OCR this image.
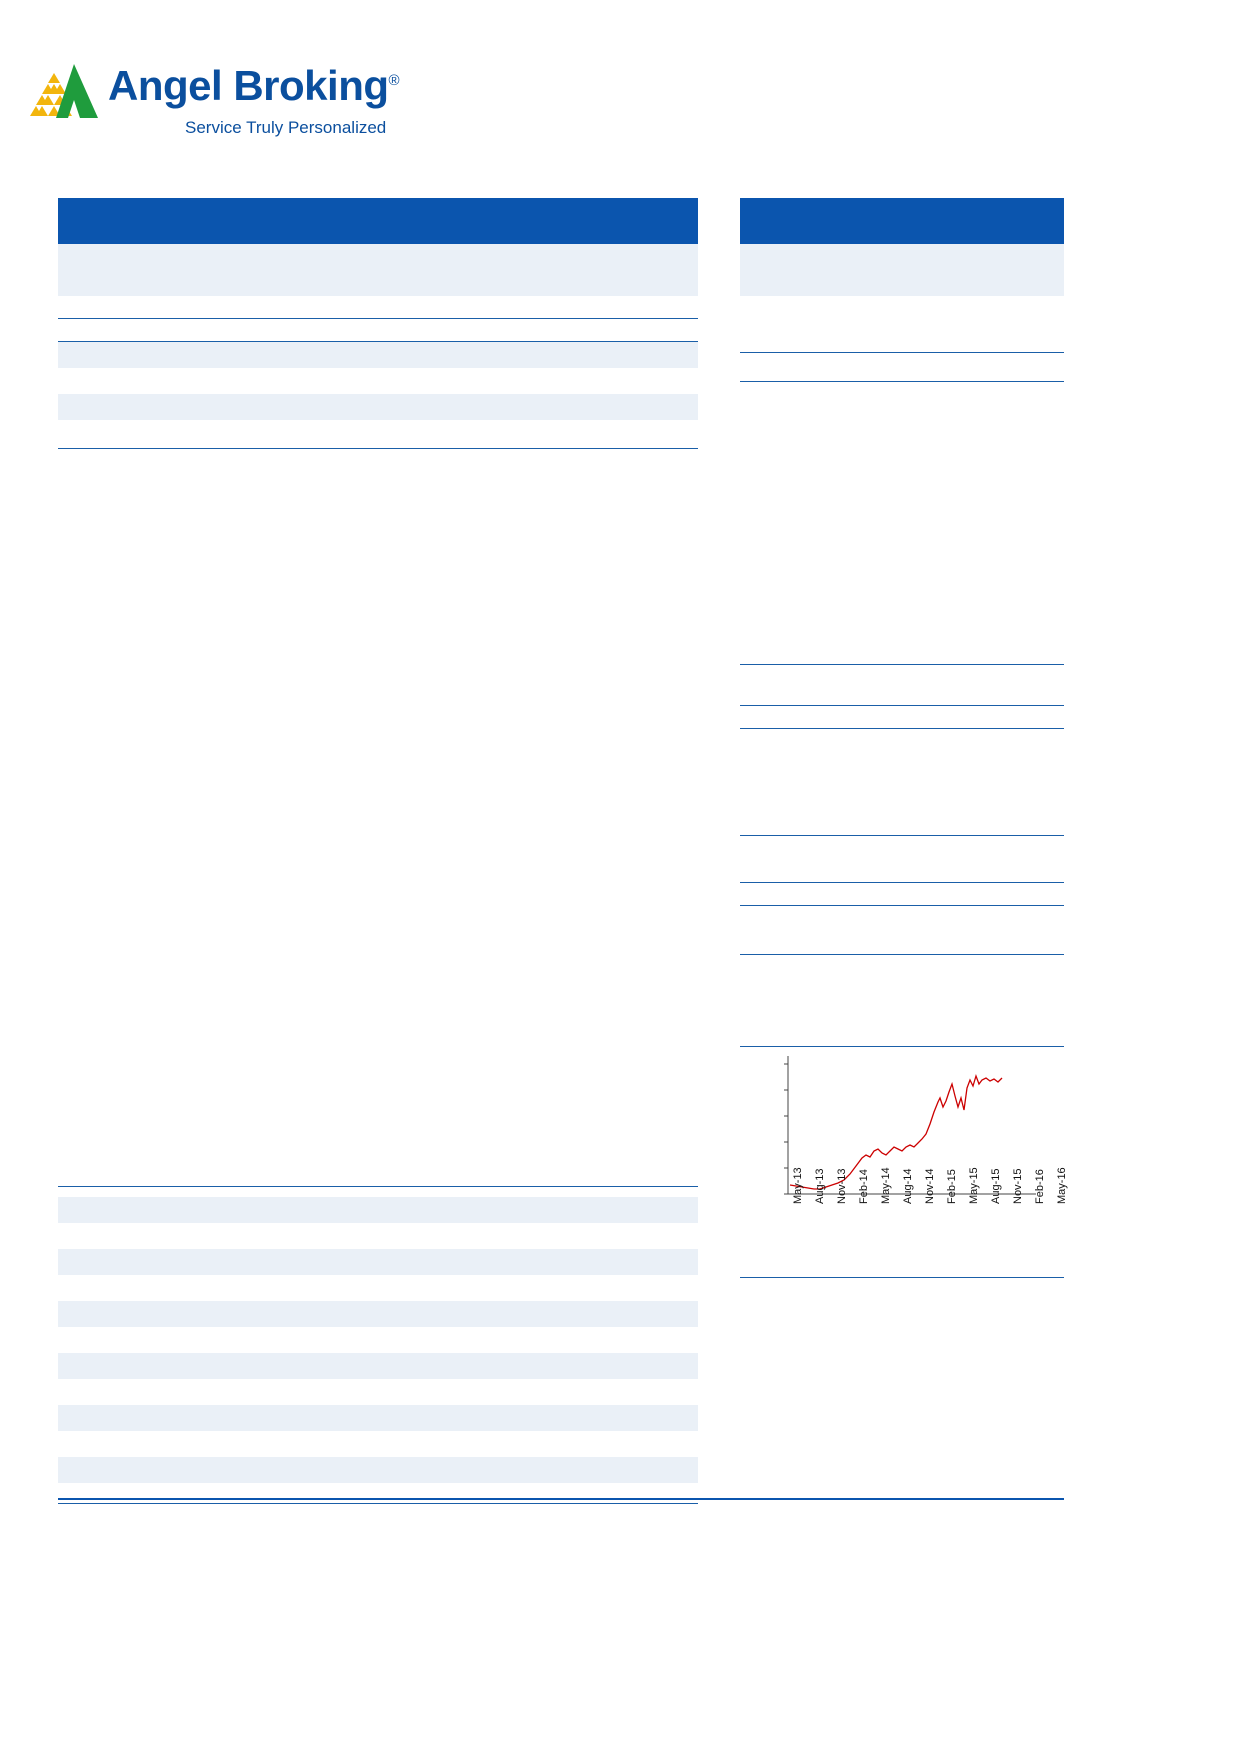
Angel Broking®
Service Truly Personalized
May-13 Aug-13 Nov-13 Feb-14 May-14 Aug-14 Nov-14 Feb-15 May-15 Aug-15 Nov-15 Feb-16 May-16
